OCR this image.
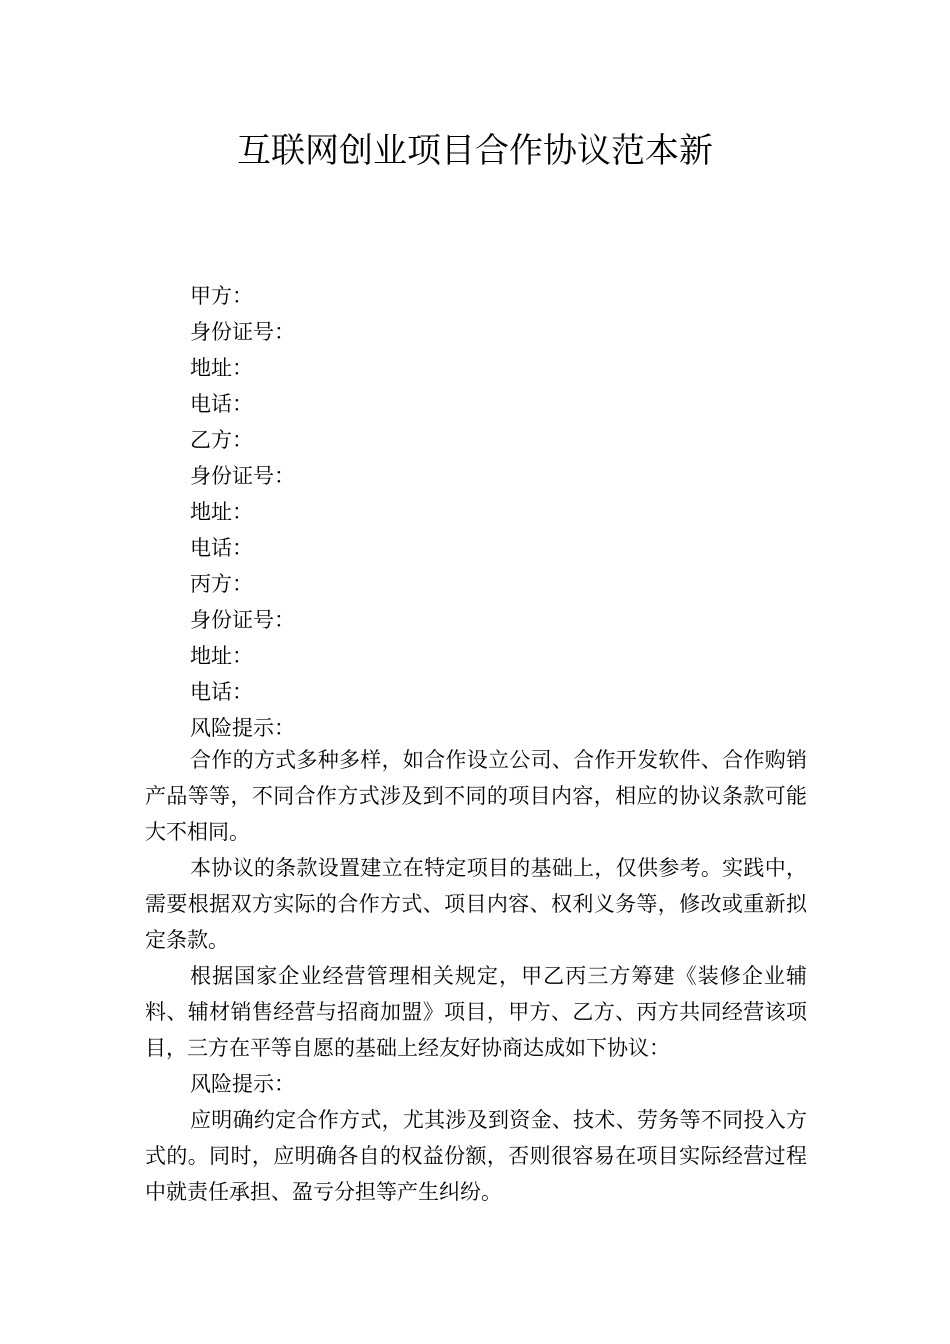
互联网创业项目合作协议范本新
甲方：
身份证号：
地址：
电话：
乙方：
身份证号：
地址：
电话：
丙方：
身份证号：
地址：
电话：
风险提示：

合作的方式多种多样，如合作设立公司、合作开发软件、合作购销产品等等，不同合作方式涉及到不同的项目内容，相应的协议条款可能大不相同。

本协议的条款设置建立在特定项目的基础上，仅供参考。实践中，需要根据双方实际的合作方式、项目内容、权利义务等，修改或重新拟定条款。

根据国家企业经营管理相关规定，甲乙丙三方筹建《装修企业辅料、辅材销售经营与招商加盟》项目，甲方、乙方、丙方共同经营该项目，三方在平等自愿的基础上经友好协商达成如下协议：

风险提示：

应明确约定合作方式，尤其涉及到资金、技术、劳务等不同投入方式的。同时，应明确各自的权益份额，否则很容易在项目实际经营过程中就责任承担、盈亏分担等产生纠纷。
